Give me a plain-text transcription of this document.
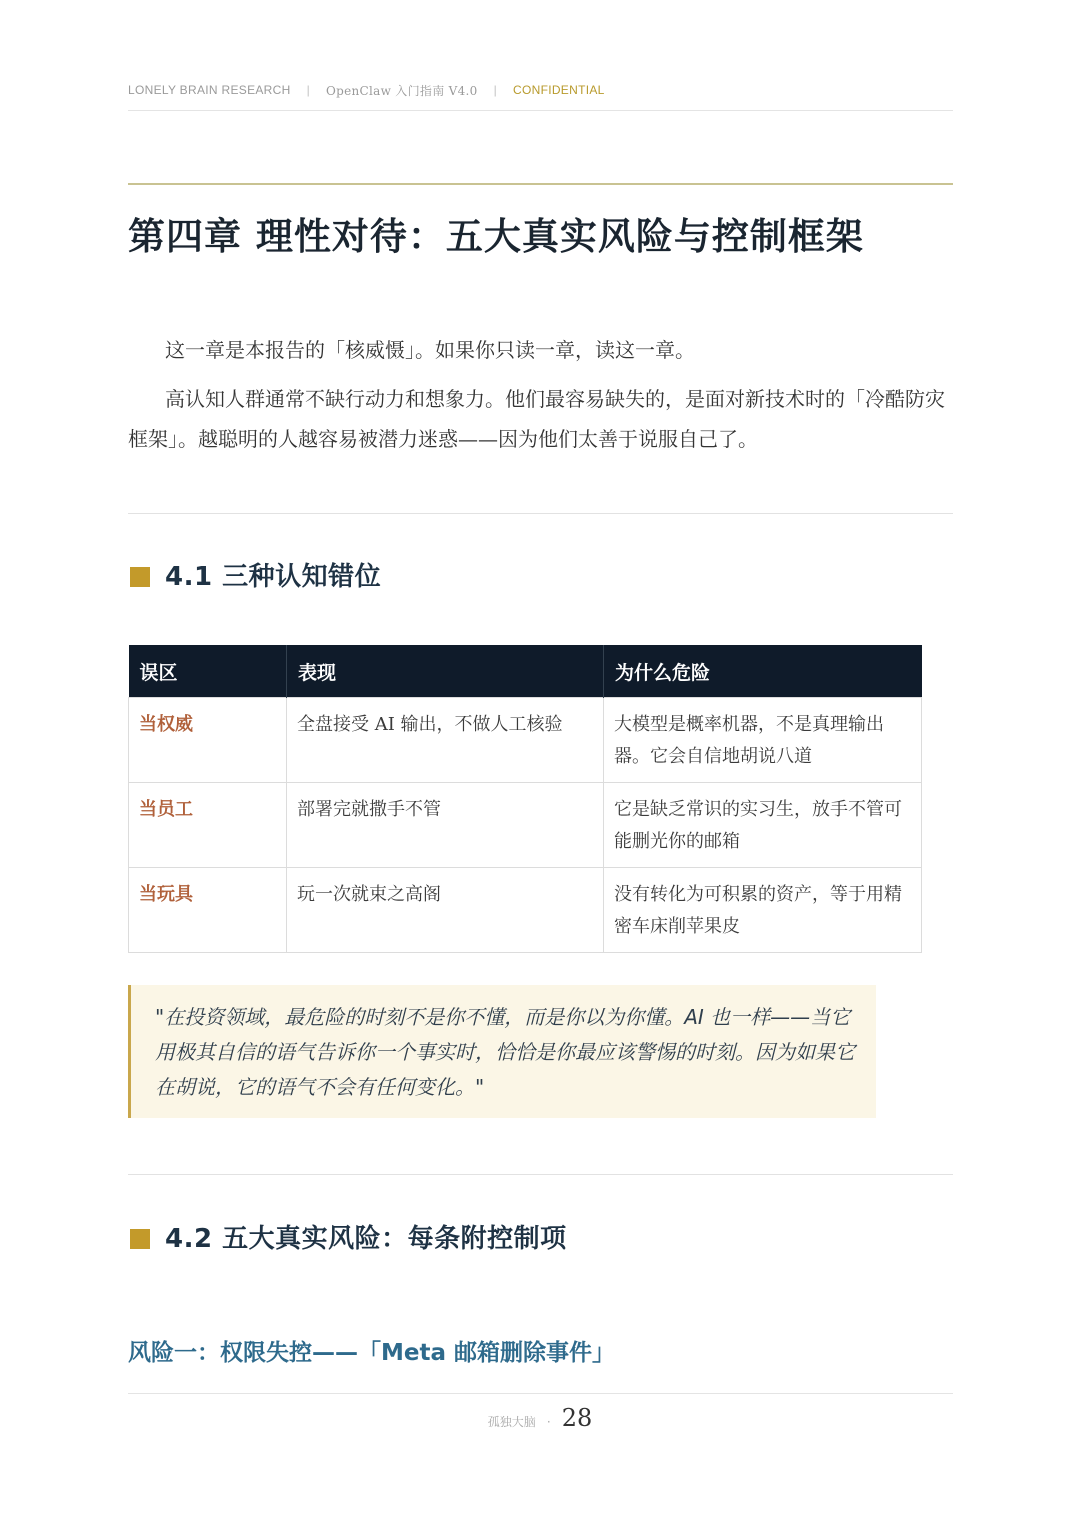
LONELY BRAIN RESEARCH | OpenClaw 入门指南 V4.0 | CONFIDENTIAL
第四章 理性对待：五大真实风险与控制框架

这一章是本报告的「核威慑」。如果你只读一章，读这一章。

高认知人群通常不缺行动力和想象力。他们最容易缺失的，是面对新技术时的「冷酷防灾框架」。越聪明的人越容易被潜力迷惑——因为他们太善于说服自己了。

4.1 三种认知错位
误区	表现	为什么危险
当权威	全盘接受 AI 输出，不做人工核验	大模型是概率机器，不是真理输出器。它会自信地胡说八道
当员工	部署完就撒手不管	它是缺乏常识的实习生，放手不管可能删光你的邮箱
当玩具	玩一次就束之高阁	没有转化为可积累的资产，等于用精密车床削苹果皮
"在投资领域，最危险的时刻不是你不懂，而是你以为你懂。AI 也一样——当它用极其自信的语气告诉你一个事实时，恰恰是你最应该警惕的时刻。因为如果它在胡说，它的语气不会有任何变化。"
4.2 五大真实风险：每条附控制项
风险一：权限失控——「Meta 邮箱删除事件」
孤独大脑 · 28
